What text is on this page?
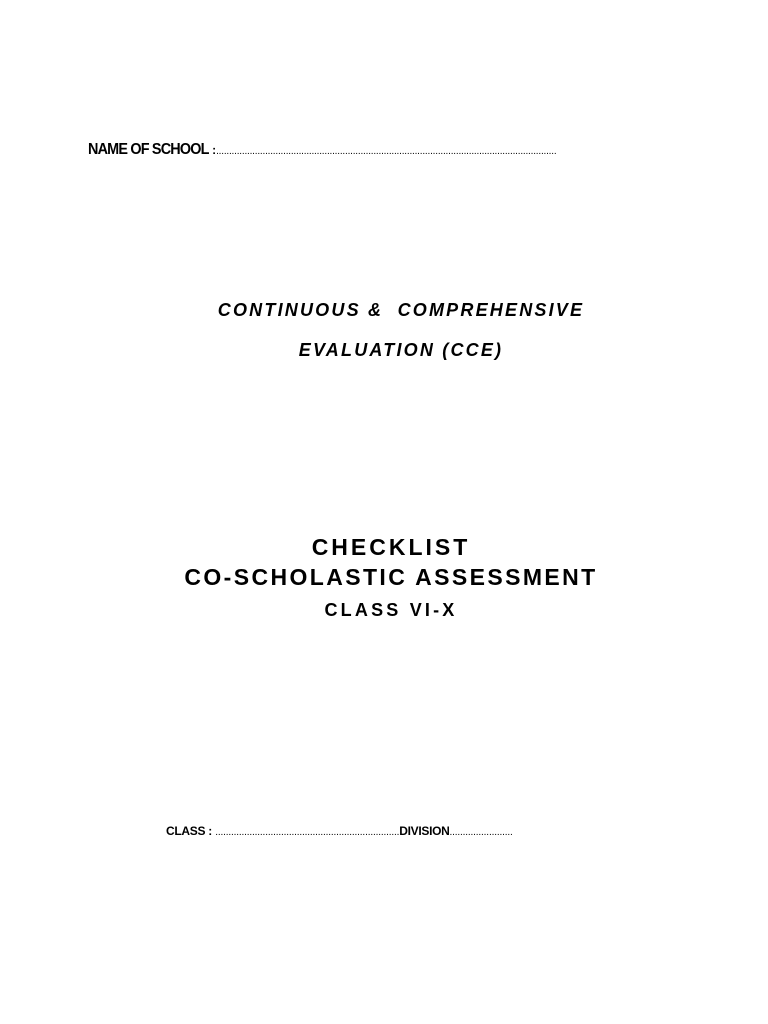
NAME OF SCHOOL :....................................................................................................................................
CONTINUOUS &  COMPREHENSIVE
EVALUATION (CCE)
CHECKLIST
CO-SCHOLASTIC ASSESSMENT
CLASS VI-X
CLASS : ......................................................................DIVISION........................
